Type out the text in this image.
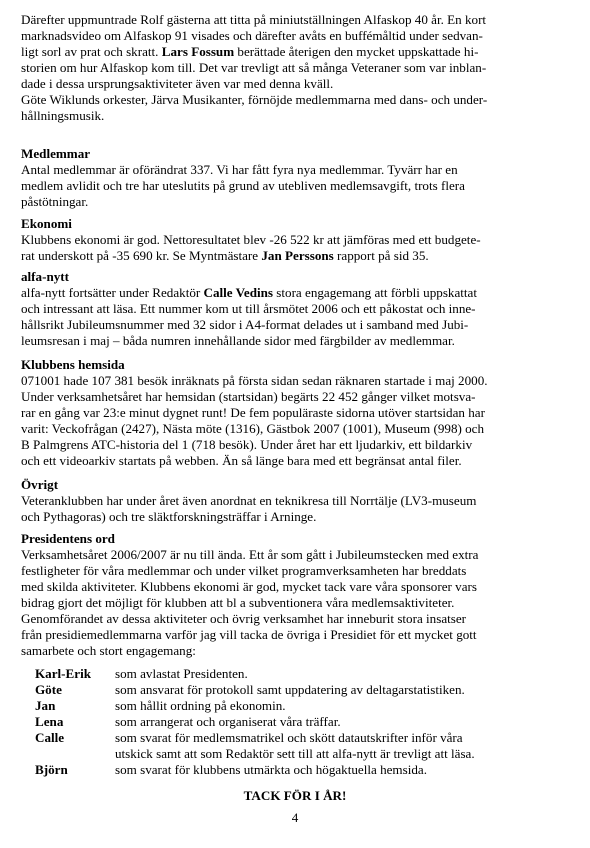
Därefter uppmuntrade Rolf gästerna att titta på miniutställningen Alfaskop 40 år. En kort
marknadsvideo om Alfaskop 91 visades och därefter avåts en buffémåltid under sedvan-
ligt sorl av prat och skratt. Lars Fossum berättade återigen den mycket uppskattade hi-
storien om hur Alfaskop kom till. Det var trevligt att så många Veteraner som var inblan-
dade i dessa ursprungsaktiviteter även var med denna kväll.
Göte Wiklunds orkester, Järva Musikanter, förnöjde medlemmarna med dans- och under-
hållningsmusik.
Medlemmar
Antal medlemmar är oförändrat 337. Vi har fått fyra nya medlemmar. Tyvärr har en
medlem avlidit och tre har uteslutits på grund av utebliven medlemsavgift, trots flera
påstötningar.
Ekonomi
Klubbens ekonomi är god. Nettoresultatet blev -26 522 kr att jämföras med ett budgete-
rat underskott på -35 690 kr. Se Myntmästare Jan Perssons rapport på sid 35.
alfa-nytt
alfa-nytt fortsätter under Redaktör Calle Vedins stora engagemang att förbli uppskattat
och intressant att läsa. Ett nummer kom ut till årsmötet 2006 och ett påkostat och inne-
hållsrikt Jubileumsnummer med 32 sidor i A4-format delades ut i samband med Jubi-
leumsresan i maj – båda numren innehållande sidor med färgbilder av medlemmar.
Klubbens hemsida
071001 hade 107 381 besök inräknats på första sidan sedan räknaren startade i maj 2000.
Under verksamhetsåret har hemsidan (startsidan) begärts 22 452 gånger vilket motsva-
rar en gång var 23:e minut dygnet runt! De fem populäraste sidorna utöver startsidan har
varit: Veckofrågan (2427), Nästa möte (1316), Gästbok 2007 (1001), Museum (998) och
B Palmgrens ATC-historia del 1 (718 besök). Under året har ett ljudarkiv, ett bildarkiv
och ett videoarkiv startats på webben. Än så länge bara med ett begränsat antal filer.
Övrigt
Veteranklubben har under året även anordnat en teknikresa till Norrtälje (LV3-museum
och Pythagoras) och tre släktforskningsträffar i Arninge.
Presidentens ord
Verksamhetsåret 2006/2007 är nu till ända. Ett år som gått i Jubileumstecken med extra
festligheter för våra medlemmar och under vilket programverksamheten har breddats
med skilda aktiviteter. Klubbens ekonomi är god, mycket tack vare våra sponsorer vars
bidrag gjort det möjligt för klubben att bl a subventionera våra medlemsaktiviteter.
Genomförandet av dessa aktiviteter och övrig verksamhet har inneburit stora insatser
från presidiemedlemmarna varför jag vill tacka de övriga i Presidiet för ett mycket gott
samarbete och stort engagemang:
Karl-Erik	som avlastat Presidenten.
Göte	som ansvarat för protokoll samt uppdatering av deltagarstatistiken.
Jan	som hållit ordning på ekonomin.
Lena	som arrangerat och organiserat våra träffar.
Calle	som svarat för medlemsmatrikel och skött datautskrifter inför våra
utskick samt att som Redaktör sett till att alfa-nytt är trevligt att läsa.

Björn	som svarat för klubbens utmärkta och högaktuella hemsida.
TACK FÖR I ÅR!
4
